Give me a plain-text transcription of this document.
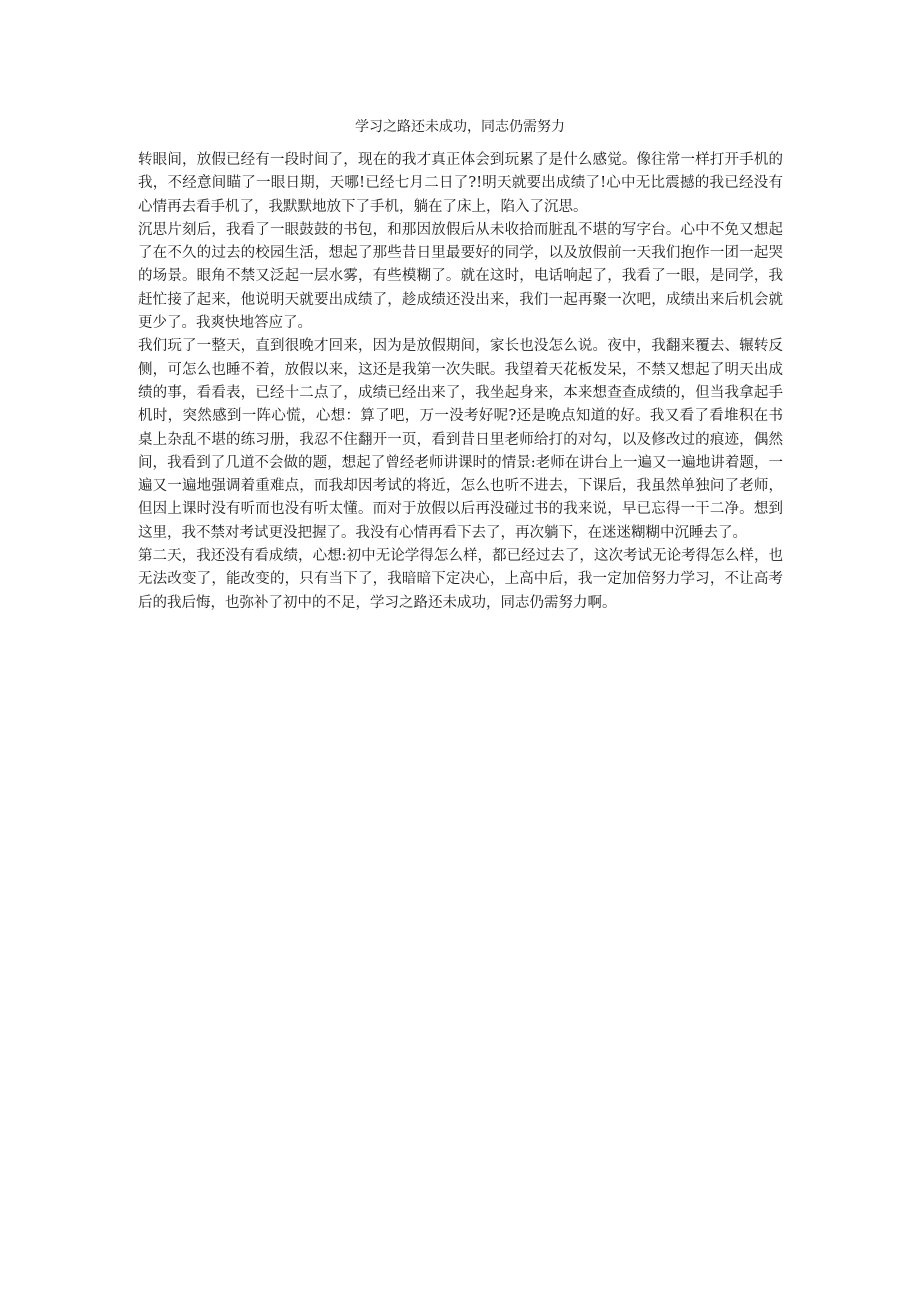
学习之路还未成功，同志仍需努力

转眼间，放假已经有一段时间了，现在的我才真正体会到玩累了是什么感觉。像往常一样打开手机的我，不经意间瞄了一眼日期，天哪!已经七月二日了?!明天就要出成绩了!心中无比震撼的我已经没有心情再去看手机了，我默默地放下了手机，躺在了床上，陷入了沉思。

沉思片刻后，我看了一眼鼓鼓的书包，和那因放假后从未收拾而脏乱不堪的写字台。心中不免又想起了在不久的过去的校园生活，想起了那些昔日里最要好的同学，以及放假前一天我们抱作一团一起哭的场景。眼角不禁又泛起一层水雾，有些模糊了。就在这时，电话响起了，我看了一眼，是同学，我赶忙接了起来，他说明天就要出成绩了，趁成绩还没出来，我们一起再聚一次吧，成绩出来后机会就更少了。我爽快地答应了。

我们玩了一整天，直到很晚才回来，因为是放假期间，家长也没怎么说。夜中，我翻来覆去、辗转反侧，可怎么也睡不着，放假以来，这还是我第一次失眠。我望着天花板发呆，不禁又想起了明天出成绩的事，看看表，已经十二点了，成绩已经出来了，我坐起身来，本来想查查成绩的，但当我拿起手机时，突然感到一阵心慌，心想：算了吧，万一没考好呢?还是晚点知道的好。我又看了看堆积在书桌上杂乱不堪的练习册，我忍不住翻开一页，看到昔日里老师给打的对勾，以及修改过的痕迹，偶然间，我看到了几道不会做的题，想起了曾经老师讲课时的情景:老师在讲台上一遍又一遍地讲着题，一遍又一遍地强调着重难点，而我却因考试的将近，怎么也听不进去，下课后，我虽然单独问了老师，但因上课时没有听而也没有听太懂。而对于放假以后再没碰过书的我来说，早已忘得一干二净。想到这里，我不禁对考试更没把握了。我没有心情再看下去了，再次躺下，在迷迷糊糊中沉睡去了。

第二天，我还没有看成绩，心想:初中无论学得怎么样，都已经过去了，这次考试无论考得怎么样，也无法改变了，能改变的，只有当下了，我暗暗下定决心，上高中后，我一定加倍努力学习，不让高考后的我后悔，也弥补了初中的不足，学习之路还未成功，同志仍需努力啊。
